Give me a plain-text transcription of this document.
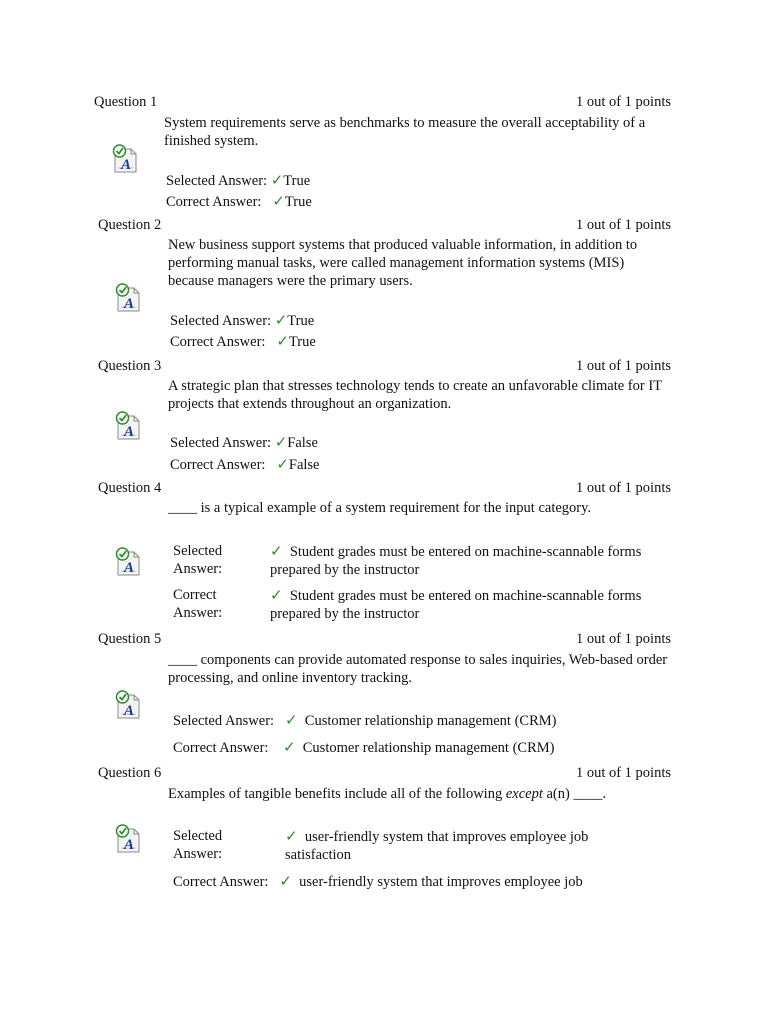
Question 1	1 out of 1 points
System requirements serve as benchmarks to measure the overall acceptability of a finished system.
Selected Answer: ✓True
Correct Answer: ✓True
Question 2	1 out of 1 points
New business support systems that produced valuable information, in addition to performing manual tasks, were called management information systems (MIS) because managers were the primary users.
Selected Answer: ✓True
Correct Answer: ✓True
Question 3	1 out of 1 points
A strategic plan that stresses technology tends to create an unfavorable climate for IT projects that extends throughout an organization.
Selected Answer: ✓False
Correct Answer: ✓False
Question 4	1 out of 1 points
____ is a typical example of a system requirement for the input category.
Selected
Answer:
✓ Student grades must be entered on machine-scannable forms prepared by the instructor
Correct
Answer:
✓ Student grades must be entered on machine-scannable forms prepared by the instructor
Question 5	1 out of 1 points
____ components can provide automated response to sales inquiries, Web-based order processing, and online inventory tracking.
Selected Answer: ✓ Customer relationship management (CRM)
Correct Answer: ✓ Customer relationship management (CRM)
Question 6	1 out of 1 points
Examples of tangible benefits include all of the following except a(n) ____.
Selected
Answer:
✓ user-friendly system that improves employee job satisfaction
Correct Answer: ✓ user-friendly system that improves employee job
